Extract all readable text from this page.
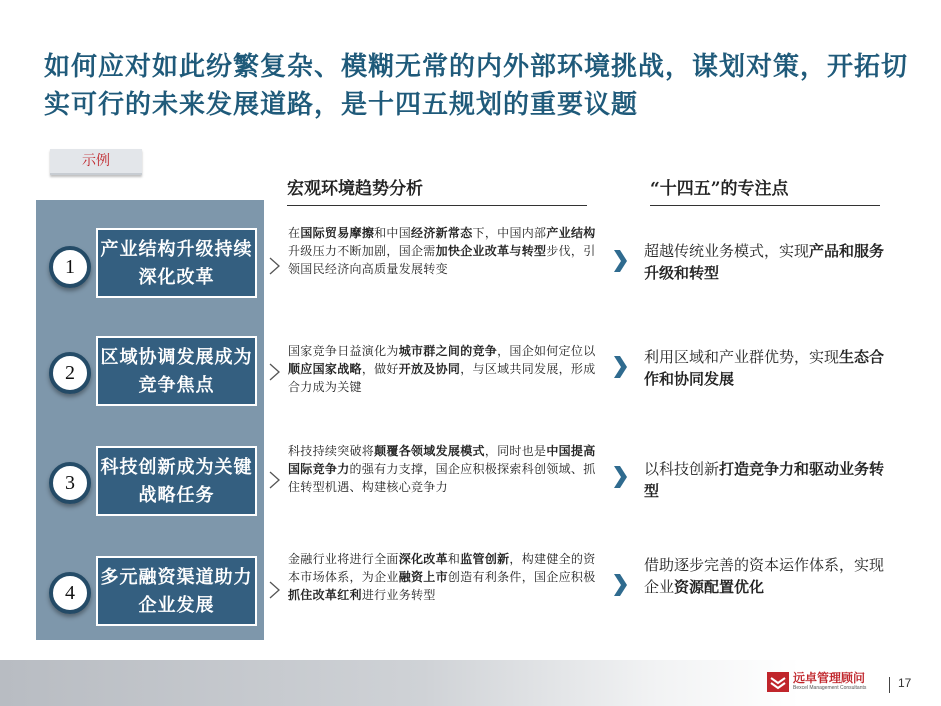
如何应对如此纷繁复杂、模糊无常的内外部环境挑战，谋划对策，开拓切实可行的未来发展道路，是十四五规划的重要议题
示例
宏观环境趋势分析	“十四五”的专注点
1
产业结构升级持续深化改革
在国际贸易摩擦和中国经济新常态下，中国内部产业结构升级压力不断加剧，国企需加快企业改革与转型步伐，引领国民经济向高质量发展转变
超越传统业务模式，实现产品和服务升级和转型
2
区域协调发展成为竞争焦点
国家竞争日益演化为城市群之间的竞争，国企如何定位以顺应国家战略，做好开放及协同，与区域共同发展，形成合力成为关键
利用区域和产业群优势，实现生态合作和协同发展
3
科技创新成为关键战略任务
科技持续突破将颠覆各领域发展模式，同时也是中国提高国际竞争力的强有力支撑，国企应积极探索科创领域、抓住转型机遇、构建核心竞争力
以科技创新打造竞争力和驱动业务转型
4
多元融资渠道助力企业发展
金融行业将进行全面深化改革和监管创新，构建健全的资本市场体系，为企业融资上市创造有利条件，国企应积极抓住改革红利进行业务转型
借助逐步完善的资本运作体系，实现企业资源配置优化
远卓管理顾问
Bexcel Management Consultants	17
